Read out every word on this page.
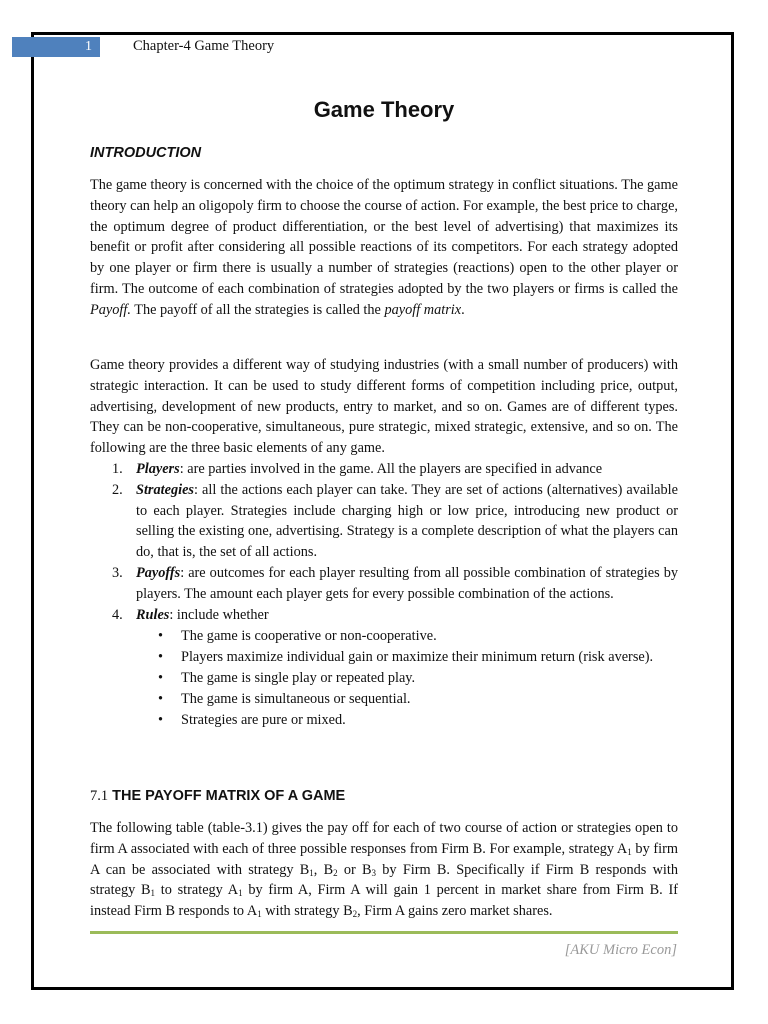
1	Chapter-4 Game Theory
Game Theory
INTRODUCTION
The game theory is concerned with the choice of the optimum strategy in conflict situations. The game theory can help an oligopoly firm to choose the course of action. For example, the best price to charge, the optimum degree of product differentiation, or the best level of advertising) that maximizes its benefit or profit after considering all possible reactions of its competitors. For each strategy adopted by one player or firm there is usually a number of strategies (reactions) open to the other player or firm. The outcome of each combination of strategies adopted by the two players or firms is called the Payoff. The payoff of all the strategies is called the payoff matrix.
Game theory provides a different way of studying industries (with a small number of producers) with strategic interaction. It can be used to study different forms of competition including price, output, advertising, development of new products, entry to market, and so on. Games are of different types. They can be non-cooperative, simultaneous, pure strategic, mixed strategic, extensive, and so on. The following are the three basic elements of any game.
1. Players: are parties involved in the game. All the players are specified in advance
2. Strategies: all the actions each player can take. They are set of actions (alternatives) available to each player. Strategies include charging high or low price, introducing new product or selling the existing one, advertising. Strategy is a complete description of what the players can do, that is, the set of all actions.
3. Payoffs: are outcomes for each player resulting from all possible combination of strategies by players. The amount each player gets for every possible combination of the actions.
4. Rules: include whether
• The game is cooperative or non-cooperative.
• Players maximize individual gain or maximize their minimum return (risk averse).
• The game is single play or repeated play.
• The game is simultaneous or sequential.
• Strategies are pure or mixed.
7.1 THE PAYOFF MATRIX OF A GAME
The following table (table-3.1) gives the pay off for each of two course of action or strategies open to firm A associated with each of three possible responses from Firm B. For example, strategy $A_1$ by firm A can be associated with strategy $B_1$, $B_2$ or $B_3$ by Firm B. Specifically if Firm B responds with strategy $B_1$ to strategy $A_1$ by firm A, Firm A will gain 1 percent in market share from Firm B. If instead Firm B responds to $A_1$ with strategy $B_2$, Firm A gains zero market shares.
[AKU Micro Econ]
